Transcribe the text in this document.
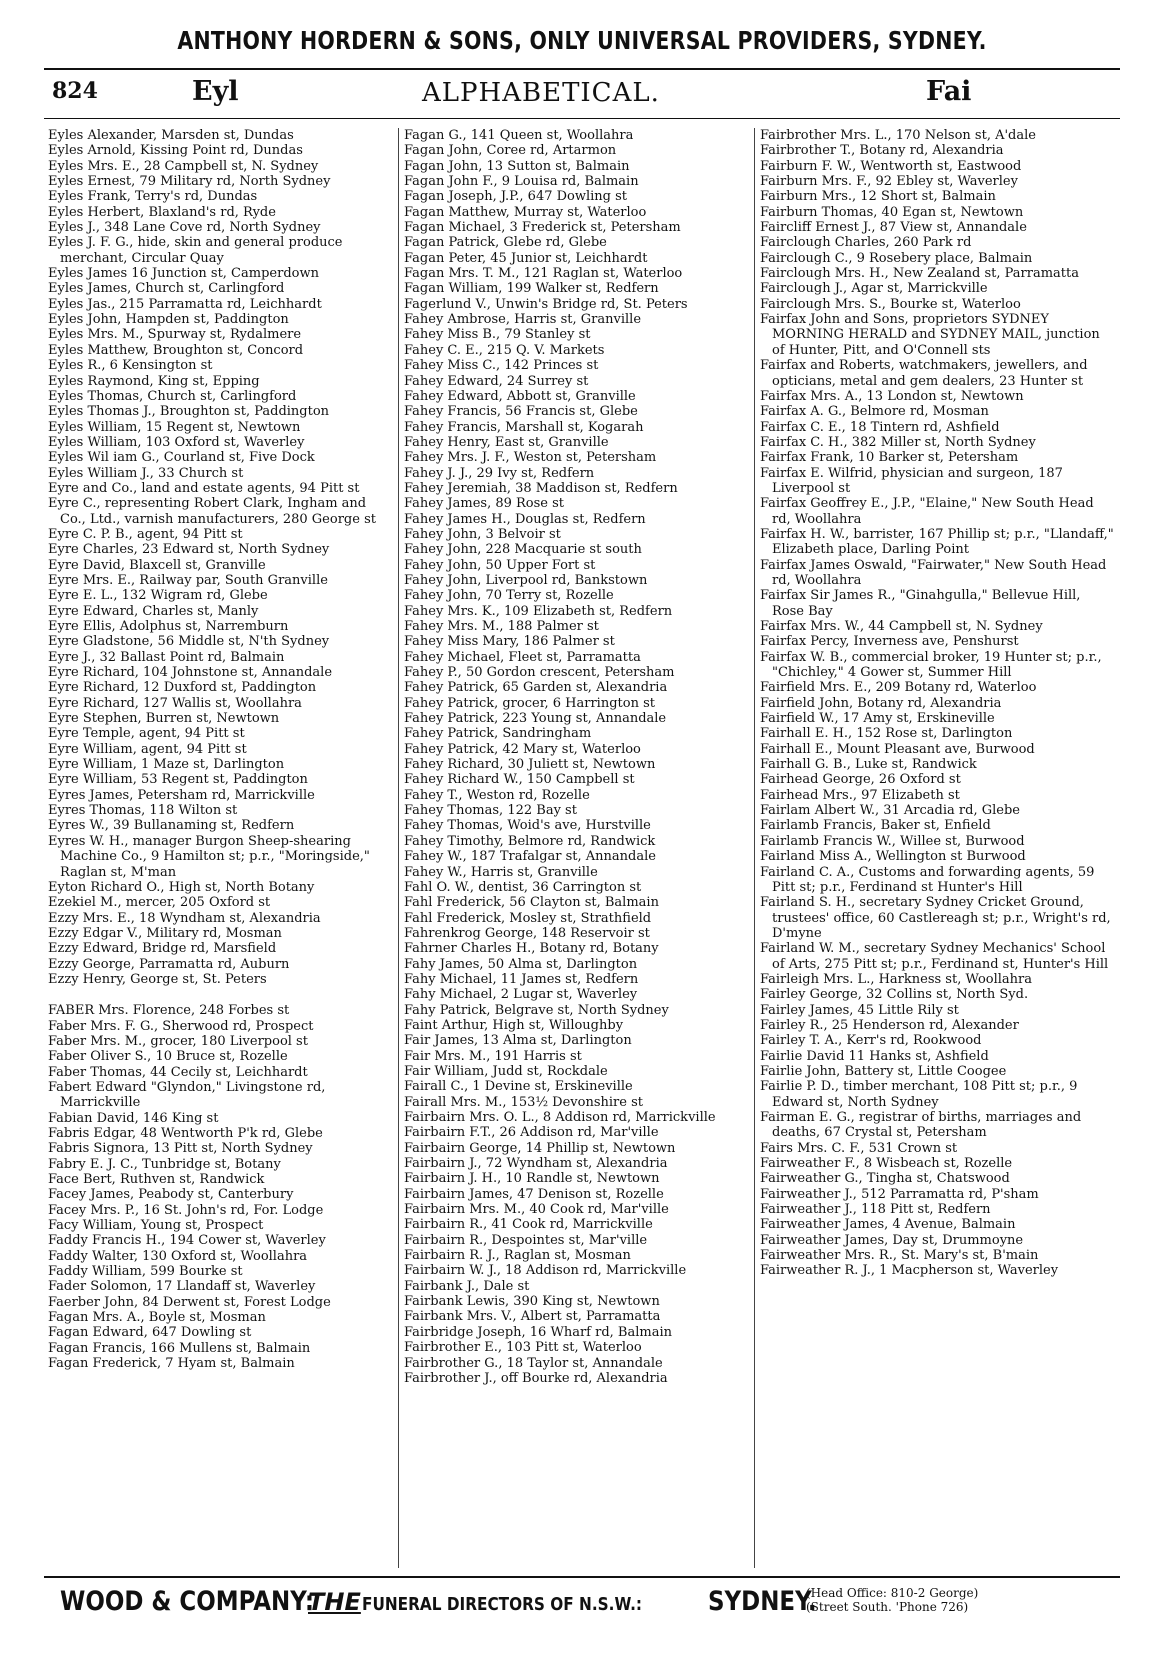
ANTHONY HORDERN & SONS, ONLY UNIVERSAL PROVIDERS, SYDNEY.
824	Eyl	ALPHABETICAL.	Fai

Eyles Alexander, Marsden st, Dundas

Eyles Arnold, Kissing Point rd, Dundas

Eyles Mrs. E., 28 Campbell st, N. Sydney

Eyles Ernest, 79 Military rd, North Sydney

Eyles Frank, Terry's rd, Dundas

Eyles Herbert, Blaxland's rd, Ryde

Eyles J., 348 Lane Cove rd, North Sydney

Eyles J. F. G., hide, skin and general produce merchant, Circular Quay

Eyles James 16 Junction st, Camperdown

Eyles James, Church st, Carlingford

Eyles Jas., 215 Parramatta rd, Leichhardt

Eyles John, Hampden st, Paddington

Eyles Mrs. M., Spurway st, Rydalmere

Eyles Matthew, Broughton st, Concord

Eyles R., 6 Kensington st

Eyles Raymond, King st, Epping

Eyles Thomas, Church st, Carlingford

Eyles Thomas J., Broughton st, Paddington

Eyles William, 15 Regent st, Newtown

Eyles William, 103 Oxford st, Waverley

Eyles Wil iam G., Courland st, Five Dock

Eyles William J., 33 Church st

Eyre and Co., land and estate agents, 94 Pitt st

Eyre C., representing Robert Clark, Ingham and Co., Ltd., varnish manufacturers, 280 George st

Eyre C. P. B., agent, 94 Pitt st

Eyre Charles, 23 Edward st, North Sydney

Eyre David, Blaxcell st, Granville

Eyre Mrs. E., Railway par, South Granville

Eyre E. L., 132 Wigram rd, Glebe

Eyre Edward, Charles st, Manly

Eyre Ellis, Adolphus st, Narremburn

Eyre Gladstone, 56 Middle st, N'th Sydney

Eyre J., 32 Ballast Point rd, Balmain

Eyre Richard, 104 Johnstone st, Annandale

Eyre Richard, 12 Duxford st, Paddington

Eyre Richard, 127 Wallis st, Woollahra

Eyre Stephen, Burren st, Newtown

Eyre Temple, agent, 94 Pitt st

Eyre William, agent, 94 Pitt st

Eyre William, 1 Maze st, Darlington

Eyre William, 53 Regent st, Paddington

Eyres James, Petersham rd, Marrickville

Eyres Thomas, 118 Wilton st

Eyres W., 39 Bullanaming st, Redfern

Eyres W. H., manager Burgon Sheep-shearing Machine Co., 9 Hamilton st; p.r., "Moringside," Raglan st, M'man

Eyton Richard O., High st, North Botany

Ezekiel M., mercer, 205 Oxford st

Ezzy Mrs. E., 18 Wyndham st, Alexandria

Ezzy Edgar V., Military rd, Mosman

Ezzy Edward, Bridge rd, Marsfield

Ezzy George, Parramatta rd, Auburn

Ezzy Henry, George st, St. Peters

FABER Mrs. Florence, 248 Forbes st

Faber Mrs. F. G., Sherwood rd, Prospect

Faber Mrs. M., grocer, 180 Liverpool st

Faber Oliver S., 10 Bruce st, Rozelle

Faber Thomas, 44 Cecily st, Leichhardt

Fabert Edward "Glyndon," Livingstone rd, Marrickville

Fabian David, 146 King st

Fabris Edgar, 48 Wentworth P'k rd, Glebe

Fabris Signora, 13 Pitt st, North Sydney

Fabry E. J. C., Tunbridge st, Botany

Face Bert, Ruthven st, Randwick

Facey James, Peabody st, Canterbury

Facey Mrs. P., 16 St. John's rd, For. Lodge

Facy William, Young st, Prospect

Faddy Francis H., 194 Cower st, Waverley

Faddy Walter, 130 Oxford st, Woollahra

Faddy William, 599 Bourke st

Fader Solomon, 17 Llandaff st, Waverley

Faerber John, 84 Derwent st, Forest Lodge

Fagan Mrs. A., Boyle st, Mosman

Fagan Edward, 647 Dowling st

Fagan Francis, 166 Mullens st, Balmain

Fagan Frederick, 7 Hyam st, Balmain

Fagan G., 141 Queen st, Woollahra

Fagan John, Coree rd, Artarmon

Fagan John, 13 Sutton st, Balmain

Fagan John F., 9 Louisa rd, Balmain

Fagan Joseph, J.P., 647 Dowling st

Fagan Matthew, Murray st, Waterloo

Fagan Michael, 3 Frederick st, Petersham

Fagan Patrick, Glebe rd, Glebe

Fagan Peter, 45 Junior st, Leichhardt

Fagan Mrs. T. M., 121 Raglan st, Waterloo

Fagan William, 199 Walker st, Redfern

Fagerlund V., Unwin's Bridge rd, St. Peters

Fahey Ambrose, Harris st, Granville

Fahey Miss B., 79 Stanley st

Fahey C. E., 215 Q. V. Markets

Fahey Miss C., 142 Princes st

Fahey Edward, 24 Surrey st

Fahey Edward, Abbott st, Granville

Fahey Francis, 56 Francis st, Glebe

Fahey Francis, Marshall st, Kogarah

Fahey Henry, East st, Granville

Fahey Mrs. J. F., Weston st, Petersham

Fahey J. J., 29 Ivy st, Redfern

Fahey Jeremiah, 38 Maddison st, Redfern

Fahey James, 89 Rose st

Fahey James H., Douglas st, Redfern

Fahey John, 3 Belvoir st

Fahey John, 228 Macquarie st south

Fahey John, 50 Upper Fort st

Fahey John, Liverpool rd, Bankstown

Fahey John, 70 Terry st, Rozelle

Fahey Mrs. K., 109 Elizabeth st, Redfern

Fahey Mrs. M., 188 Palmer st

Fahey Miss Mary, 186 Palmer st

Fahey Michael, Fleet st, Parramatta

Fahey P., 50 Gordon crescent, Petersham

Fahey Patrick, 65 Garden st, Alexandria

Fahey Patrick, grocer, 6 Harrington st

Fahey Patrick, 223 Young st, Annandale

Fahey Patrick, Sandringham

Fahey Patrick, 42 Mary st, Waterloo

Fahey Richard, 30 Juliett st, Newtown

Fahey Richard W., 150 Campbell st

Fahey T., Weston rd, Rozelle

Fahey Thomas, 122 Bay st

Fahey Thomas, Woid's ave, Hurstville

Fahey Timothy, Belmore rd, Randwick

Fahey W., 187 Trafalgar st, Annandale

Fahey W., Harris st, Granville

Fahl O. W., dentist, 36 Carrington st

Fahl Frederick, 56 Clayton st, Balmain

Fahl Frederick, Mosley st, Strathfield

Fahrenkrog George, 148 Reservoir st

Fahrner Charles H., Botany rd, Botany

Fahy James, 50 Alma st, Darlington

Fahy Michael, 11 James st, Redfern

Fahy Michael, 2 Lugar st, Waverley

Fahy Patrick, Belgrave st, North Sydney

Faint Arthur, High st, Willoughby

Fair James, 13 Alma st, Darlington

Fair Mrs. M., 191 Harris st

Fair William, Judd st, Rockdale

Fairall C., 1 Devine st, Erskineville

Fairall Mrs. M., 153½ Devonshire st

Fairbairn Mrs. O. L., 8 Addison rd, Marrickville

Fairbairn F.T., 26 Addison rd, Mar'ville

Fairbairn George, 14 Phillip st, Newtown

Fairbairn J., 72 Wyndham st, Alexandria

Fairbairn J. H., 10 Randle st, Newtown

Fairbairn James, 47 Denison st, Rozelle

Fairbairn Mrs. M., 40 Cook rd, Mar'ville

Fairbairn R., 41 Cook rd, Marrickville

Fairbairn R., Despointes st, Mar'ville

Fairbairn R. J., Raglan st, Mosman

Fairbairn W. J., 18 Addison rd, Marrickville

Fairbank J., Dale st

Fairbank Lewis, 390 King st, Newtown

Fairbank Mrs. V., Albert st, Parramatta

Fairbridge Joseph, 16 Wharf rd, Balmain

Fairbrother E., 103 Pitt st, Waterloo

Fairbrother G., 18 Taylor st, Annandale

Fairbrother J., off Bourke rd, Alexandria

Fairbrother Mrs. L., 170 Nelson st, A'dale

Fairbrother T., Botany rd, Alexandria

Fairburn F. W., Wentworth st, Eastwood

Fairburn Mrs. F., 92 Ebley st, Waverley

Fairburn Mrs., 12 Short st, Balmain

Fairburn Thomas, 40 Egan st, Newtown

Faircliff Ernest J., 87 View st, Annandale

Fairclough Charles, 260 Park rd

Fairclough C., 9 Rosebery place, Balmain

Fairclough Mrs. H., New Zealand st, Parramatta

Fairclough J., Agar st, Marrickville

Fairclough Mrs. S., Bourke st, Waterloo

Fairfax John and Sons, proprietors SYDNEY MORNING HERALD and SYDNEY MAIL, junction of Hunter, Pitt, and O'Connell sts

Fairfax and Roberts, watchmakers, jewellers, and opticians, metal and gem dealers, 23 Hunter st

Fairfax Mrs. A., 13 London st, Newtown

Fairfax A. G., Belmore rd, Mosman

Fairfax C. E., 18 Tintern rd, Ashfield

Fairfax C. H., 382 Miller st, North Sydney

Fairfax Frank, 10 Barker st, Petersham

Fairfax E. Wilfrid, physician and surgeon, 187 Liverpool st

Fairfax Geoffrey E., J.P., "Elaine," New South Head rd, Woollahra

Fairfax H. W., barrister, 167 Phillip st; p.r., "Llandaff," Elizabeth place, Darling Point

Fairfax James Oswald, "Fairwater," New South Head rd, Woollahra

Fairfax Sir James R., "Ginahgulla," Bellevue Hill, Rose Bay

Fairfax Mrs. W., 44 Campbell st, N. Sydney

Fairfax Percy, Inverness ave, Penshurst

Fairfax W. B., commercial broker, 19 Hunter st; p.r., "Chichley," 4 Gower st, Summer Hill

Fairfield Mrs. E., 209 Botany rd, Waterloo

Fairfield John, Botany rd, Alexandria

Fairfield W., 17 Amy st, Erskineville

Fairhall E. H., 152 Rose st, Darlington

Fairhall E., Mount Pleasant ave, Burwood

Fairhall G. B., Luke st, Randwick

Fairhead George, 26 Oxford st

Fairhead Mrs., 97 Elizabeth st

Fairlam Albert W., 31 Arcadia rd, Glebe

Fairlamb Francis, Baker st, Enfield

Fairlamb Francis W., Willee st, Burwood

Fairland Miss A., Wellington st Burwood

Fairland C. A., Customs and forwarding agents, 59 Pitt st; p.r., Ferdinand st Hunter's Hill

Fairland S. H., secretary Sydney Cricket Ground, trustees' office, 60 Castlereagh st; p.r., Wright's rd, D'myne

Fairland W. M., secretary Sydney Mechanics' School of Arts, 275 Pitt st; p.r., Ferdinand st, Hunter's Hill

Fairleigh Mrs. L., Harkness st, Woollahra

Fairley George, 32 Collins st, North Syd.

Fairley James, 45 Little Rily st

Fairley R., 25 Henderson rd, Alexander

Fairley T. A., Kerr's rd, Rookwood

Fairlie David 11 Hanks st, Ashfield

Fairlie John, Battery st, Little Coogee

Fairlie P. D., timber merchant, 108 Pitt st; p.r., 9 Edward st, North Sydney

Fairman E. G., registrar of births, marriages and deaths, 67 Crystal st, Petersham

Fairs Mrs. C. F., 531 Crown st

Fairweather F., 8 Wisbeach st, Rozelle

Fairweather G., Tingha st, Chatswood

Fairweather J., 512 Parramatta rd, P'sham

Fairweather J., 118 Pitt st, Redfern

Fairweather James, 4 Avenue, Balmain

Fairweather James, Day st, Drummoyne

Fairweather Mrs. R., St. Mary's st, B'main

Fairweather R. J., 1 Macpherson st, Waverley

WOOD & COMPANY:
THE FUNERAL DIRECTORS OF N.S.W.: SYDNEY.
(Head Office: 810-2 George)
(Street South. 'Phone 726)
